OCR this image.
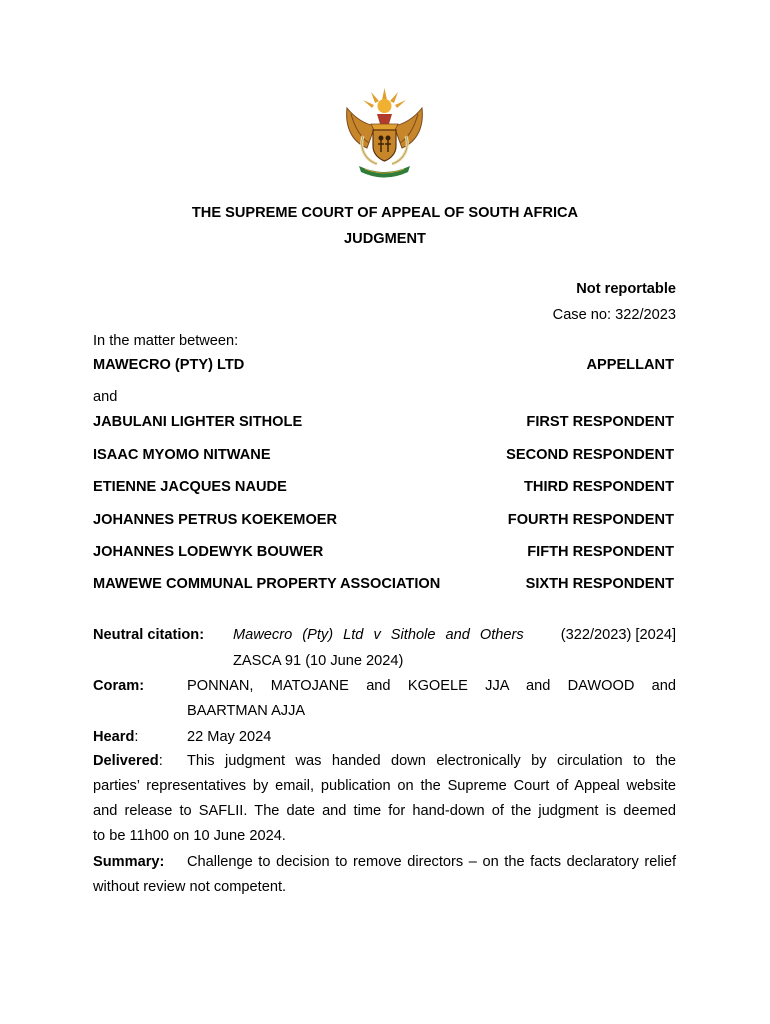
THE SUPREME COURT OF APPEAL OF SOUTH AFRICA
JUDGMENT
Not reportable
Case no: 322/2023
In the matter between:
MAWECRO (PTY) LTD	APPELLANT
and
JABULANI LIGHTER SITHOLE	FIRST RESPONDENT
ISAAC MYOMO NITWANE	SECOND RESPONDENT
ETIENNE JACQUES NAUDE	THIRD RESPONDENT
JOHANNES PETRUS KOEKEMOER	FOURTH RESPONDENT
JOHANNES LODEWYK BOUWER	FIFTH RESPONDENT
MAWEWE COMMUNAL PROPERTY ASSOCIATION	SIXTH RESPONDENT
Neutral citation: Mawecro (Pty) Ltd v Sithole and Others	(322/2023) [2024]
ZASCA 91 (10 June 2024)
Coram:	PONNAN, MATOJANE and KGOELE JJA and DAWOOD and
BAARTMAN AJJA
Heard:	22 May 2024
Delivered: This judgment was handed down electronically by circulation to the
parties’ representatives by email, publication on the Supreme Court of Appeal website
and release to SAFLII. The date and time for hand-down of the judgment is deemed
to be 11h00 on 10 June 2024.
Summary: Challenge to decision to remove directors – on the facts declaratory relief
without review not competent.
